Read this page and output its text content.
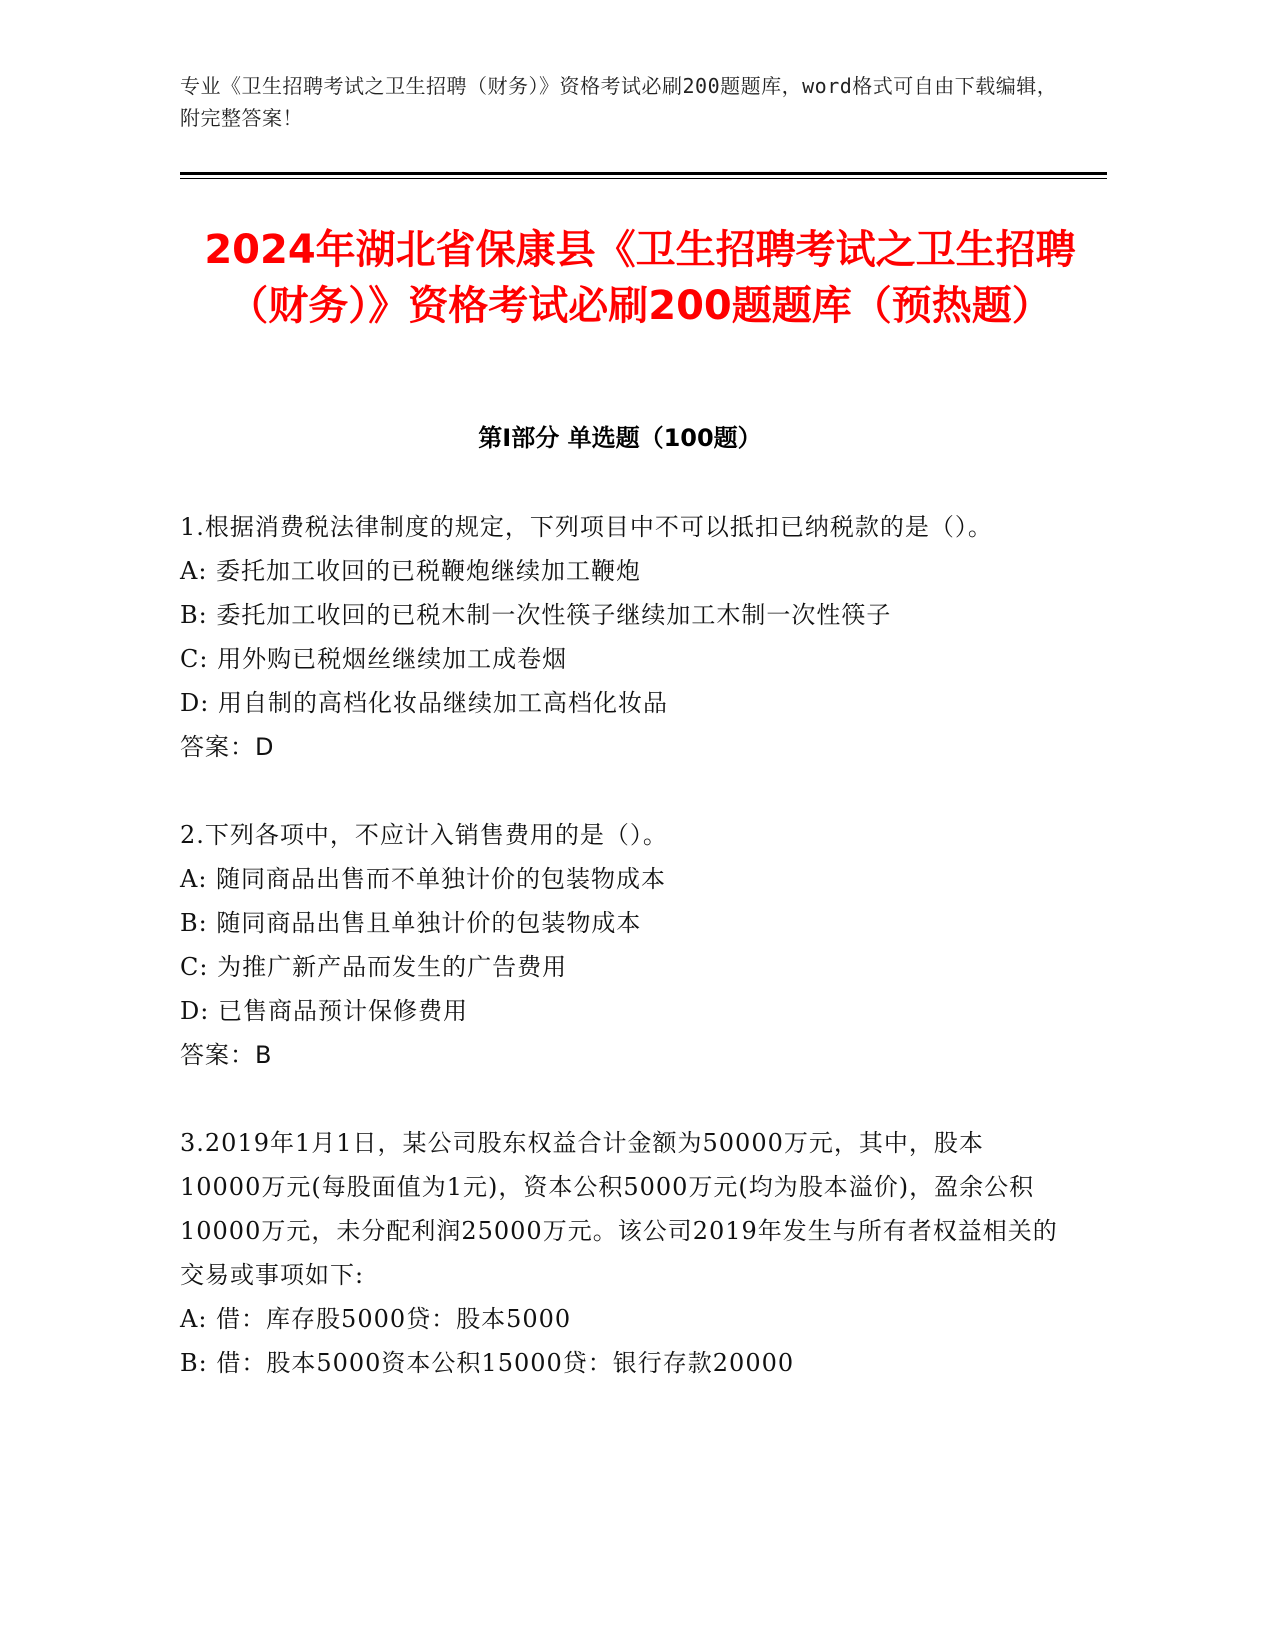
专业《卫生招聘考试之卫生招聘（财务）》资格考试必刷200题题库，word格式可自由下载编辑，附完整答案！
2024年湖北省保康县《卫生招聘考试之卫生招聘（财务）》资格考试必刷200题题库（预热题）
第I部分 单选题（100题）
1.根据消费税法律制度的规定，下列项目中不可以抵扣已纳税款的是（）。
A: 委托加工收回的已税鞭炮继续加工鞭炮
B: 委托加工收回的已税木制一次性筷子继续加工木制一次性筷子
C: 用外购已税烟丝继续加工成卷烟
D: 用自制的高档化妆品继续加工高档化妆品
答案：D
2.下列各项中，不应计入销售费用的是（）。
A: 随同商品出售而不单独计价的包装物成本
B: 随同商品出售且单独计价的包装物成本
C: 为推广新产品而发生的广告费用
D: 已售商品预计保修费用
答案：B
3.2019年1月1日，某公司股东权益合计金额为50000万元，其中，股本10000万元(每股面值为1元)，资本公积5000万元(均为股本溢价)，盈余公积10000万元，未分配利润25000万元。该公司2019年发生与所有者权益相关的交易或事项如下:
A: 借：库存股5000贷：股本5000
B: 借：股本5000资本公积15000贷：银行存款20000
